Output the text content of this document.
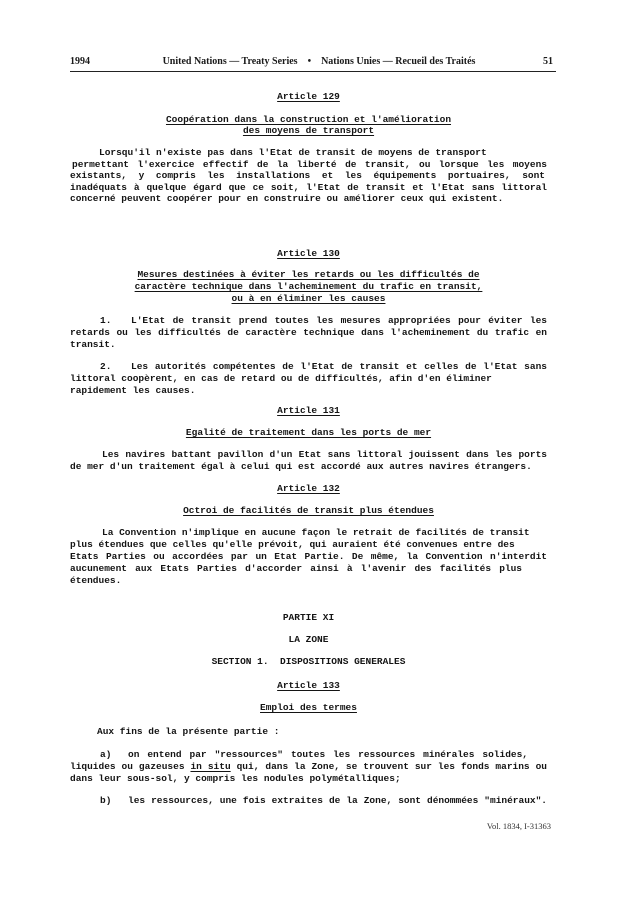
1994	United Nations — Treaty Series • Nations Unies — Recueil des Traités	51
Article 129
Coopération dans la construction et l'amélioration
des moyens de transport
Lorsqu'il n'existe pas dans l'Etat de transit de moyens de transport
permettant l'exercice effectif de la liberté de transit, ou lorsque les moyens
existants, y compris les installations et les équipements portuaires, sont
inadéquats à quelque égard que ce soit, l'Etat de transit et l'Etat sans littoral
concerné peuvent coopérer pour en construire ou améliorer ceux qui existent.
Article 130
Mesures destinées à éviter les retards ou les difficultés de
caractère technique dans l'acheminement du trafic en transit,
ou à en éliminer les causes
1. L'Etat de transit prend toutes les mesures appropriées pour éviter les
retards ou les difficultés de caractère technique dans l'acheminement du trafic en
transit.
2. Les autorités compétentes de l'Etat de transit et celles de l'Etat sans
littoral coopèrent, en cas de retard ou de difficultés, afin d'en éliminer
rapidement les causes.
Article 131
Egalité de traitement dans les ports de mer
Les navires battant pavillon d'un Etat sans littoral jouissent dans les ports
de mer d'un traitement égal à celui qui est accordé aux autres navires étrangers.
Article 132
Octroi de facilités de transit plus étendues
La Convention n'implique en aucune façon le retrait de facilités de transit
plus étendues que celles qu'elle prévoit, qui auraient été convenues entre des
Etats Parties ou accordées par un Etat Partie. De même, la Convention n'interdit
aucunement aux Etats Parties d'accorder ainsi à l'avenir des facilités plus
étendues.
PARTIE XI
LA ZONE
SECTION 1.  DISPOSITIONS GENERALES
Article 133
Emploi des termes
Aux fins de la présente partie :
a) on entend par "ressources" toutes les ressources minérales solides,
liquides ou gazeuses in situ qui, dans la Zone, se trouvent sur les fonds marins ou
dans leur sous-sol, y compris les nodules polymétalliques;
b) les ressources, une fois extraites de la Zone, sont dénommées "minéraux".
Vol. 1834, I-31363
